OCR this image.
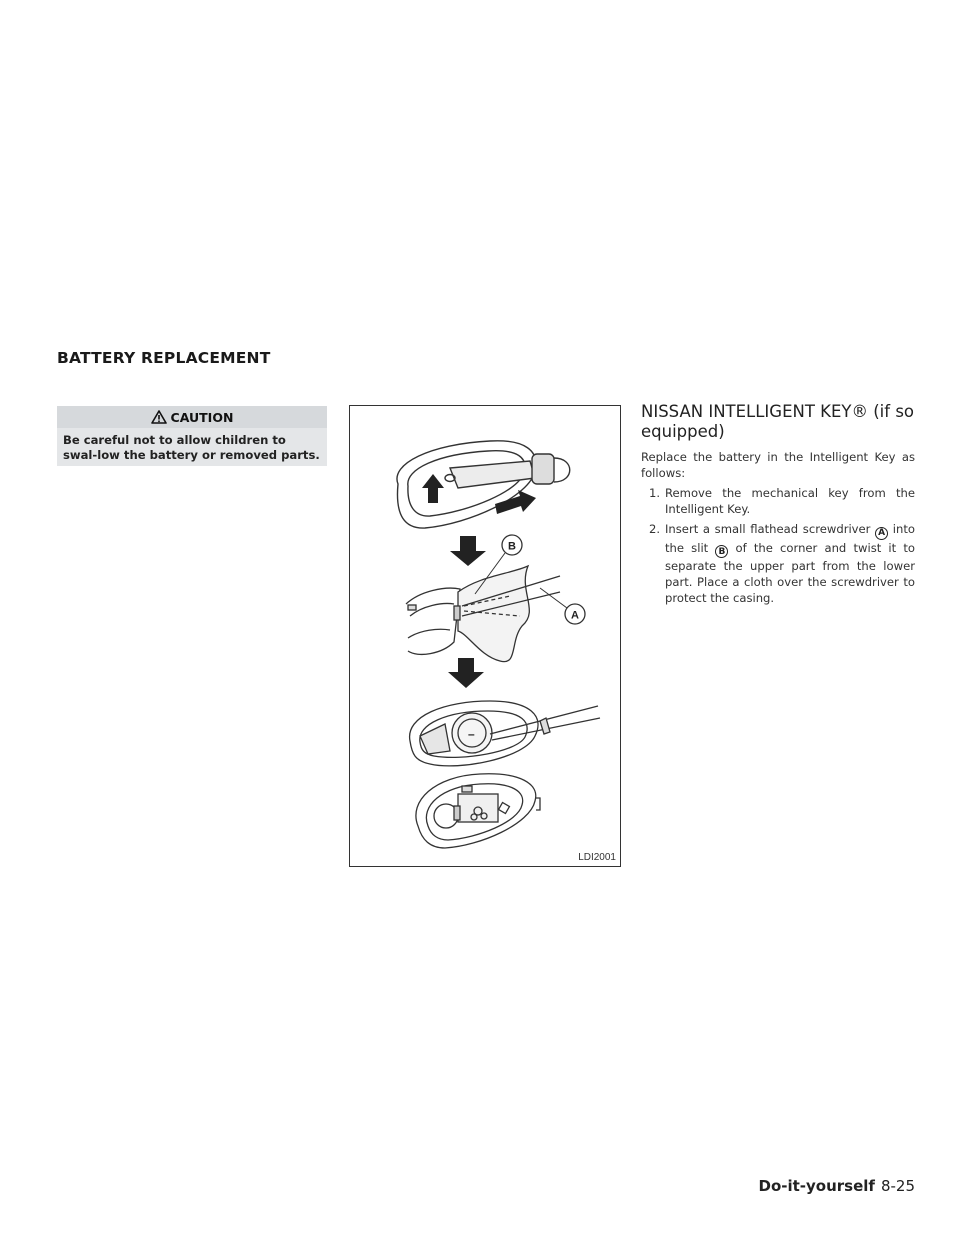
BATTERY REPLACEMENT
CAUTION
Be careful not to allow children to swal-low the battery or removed parts.
B
A
–
LDI2001
NISSAN INTELLIGENT KEY® (if so equipped)
Replace the battery in the Intelligent Key as follows:
1. Remove the mechanical key from the Intelligent Key.
2. Insert a small flathead screwdriver A into the slit B of the corner and twist it to separate the upper part from the lower part. Place a cloth over the screwdriver to protect the casing.
Do-it-yourself 8-25
